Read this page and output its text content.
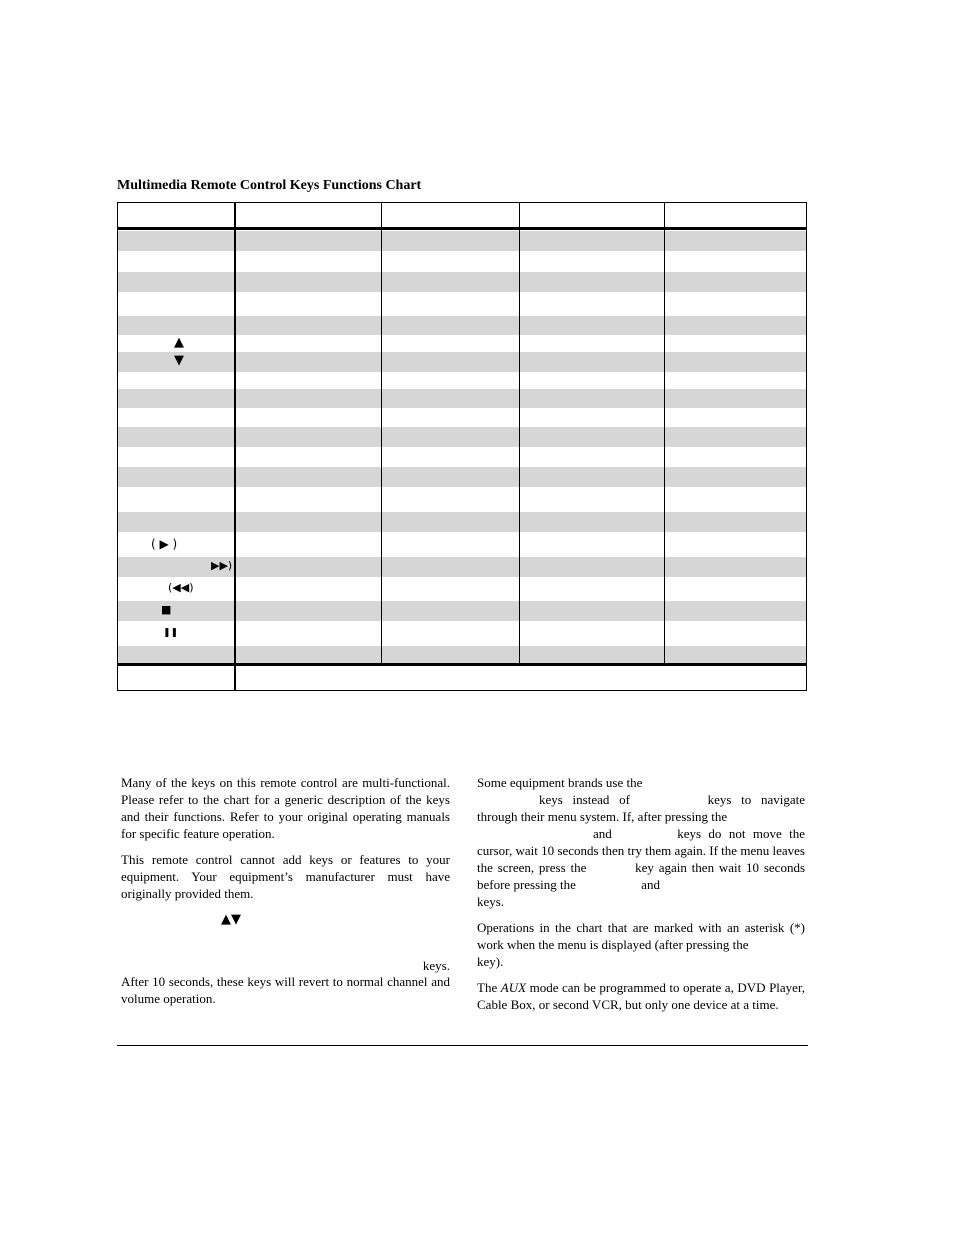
Multimedia Remote Control Keys Functions Chart
▲
▼
( ▶ )
▶▶)
(◀◀)
■
❚❚

Many of the keys on this remote control are multi-functional. Please refer to the chart for a generic description of the keys and their functions. Refer to your original operating manuals for specific feature operation.

This remote control cannot add keys or features to your equipment. Your equipment’s manufacturer must have originally provided them.

▲▼
keys.

After 10 seconds, these keys will revert to normal channel and volume operation.

Some equipment brands use the
keys instead of	keys to navigate through their menu system. If, after pressing the
and	keys do not move the cursor, wait 10 seconds then try them again. If the menu leaves the screen, press the	key again then wait 10 seconds before pressing the	and
keys.

Operations in the chart that are marked with an asterisk (*) work when the menu is displayed (after pressing the
key).

The AUX mode can be programmed to operate a, DVD Player, Cable Box, or second VCR, but only one device at a time.
